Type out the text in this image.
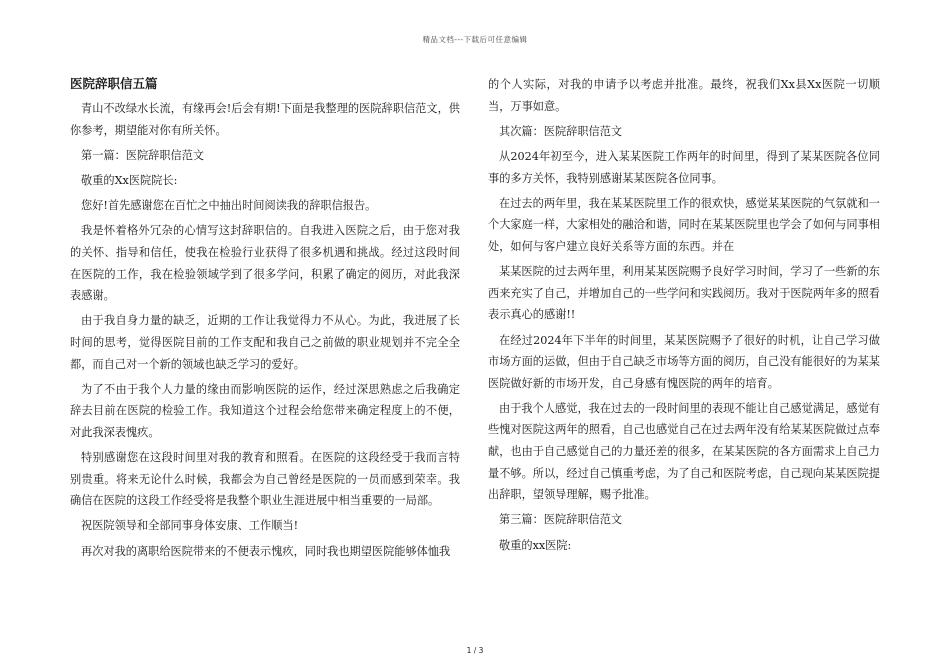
精品文档---下载后可任意编辑
医院辞职信五篇

青山不改绿水长流，有缘再会!后会有期!下面是我整理的医院辞职信范文，供你参考，期望能对你有所关怀。

第一篇：医院辞职信范文

敬重的Xx医院院长:

您好!首先感谢您在百忙之中抽出时间阅读我的辞职信报告。

我是怀着格外冗杂的心情写这封辞职信的。自我进入医院之后，由于您对我的关怀、指导和信任，使我在检验行业获得了很多机遇和挑战。经过这段时间在医院的工作，我在检验领域学到了很多学问，积累了确定的阅历，对此我深表感谢。

由于我自身力量的缺乏，近期的工作让我觉得力不从心。为此，我进展了长时间的思考，觉得医院目前的工作支配和我自己之前做的职业规划并不完全全都，而自己对一个新的领域也缺乏学习的爱好。

为了不由于我个人力量的缘由而影响医院的运作，经过深思熟虑之后我确定辞去目前在医院的检验工作。我知道这个过程会给您带来确定程度上的不便，对此我深表愧疚。

特别感谢您在这段时间里对我的教育和照看。在医院的这段经受于我而言特别贵重。将来无论什么时候，我都会为自己曾经是医院的一员而感到荣幸。我确信在医院的这段工作经受将是我整个职业生涯进展中相当重要的一局部。

祝医院领导和全部同事身体安康、工作顺当!

再次对我的离职给医院带来的不便表示愧疚，同时我也期望医院能够体恤我

的个人实际，对我的申请予以考虑并批准。最终，祝我们Xx县Xx医院一切顺当，万事如意。

其次篇：医院辞职信范文

从2024年初至今，进入某某医院工作两年的时间里，得到了某某医院各位同事的多方关怀，我特别感谢某某医院各位同事。

在过去的两年里，我在某某医院里工作的很欢快，感觉某某医院的气氛就和一个大家庭一样，大家相处的融洽和谐，同时在某某医院里也学会了如何与同事相处，如何与客户建立良好关系等方面的东西。并在

某某医院的过去两年里，利用某某医院赐予良好学习时间，学习了一些新的东西来充实了自己，并增加自己的一些学问和实践阅历。我对于医院两年多的照看表示真心的感谢!!

在经过2024年下半年的时间里，某某医院赐予了很好的时机，让自己学习做市场方面的运做，但由于自己缺乏市场等方面的阅历，自己没有能很好的为某某医院做好新的市场开发，自己身感有愧医院的两年的培育。

由于我个人感觉，我在过去的一段时间里的表现不能让自己感觉满足，感觉有些愧对医院这两年的照看，自己也感觉自己在过去两年没有给某某医院做过点奉献，也由于自己感觉自己的力量还差的很多，在某某医院的各方面需求上自己力量不够。所以，经过自己慎重考虑，为了自己和医院考虑，自己现向某某医院提出辞职，望领导理解，赐予批准。

第三篇：医院辞职信范文

敬重的xx医院:

1 / 3
